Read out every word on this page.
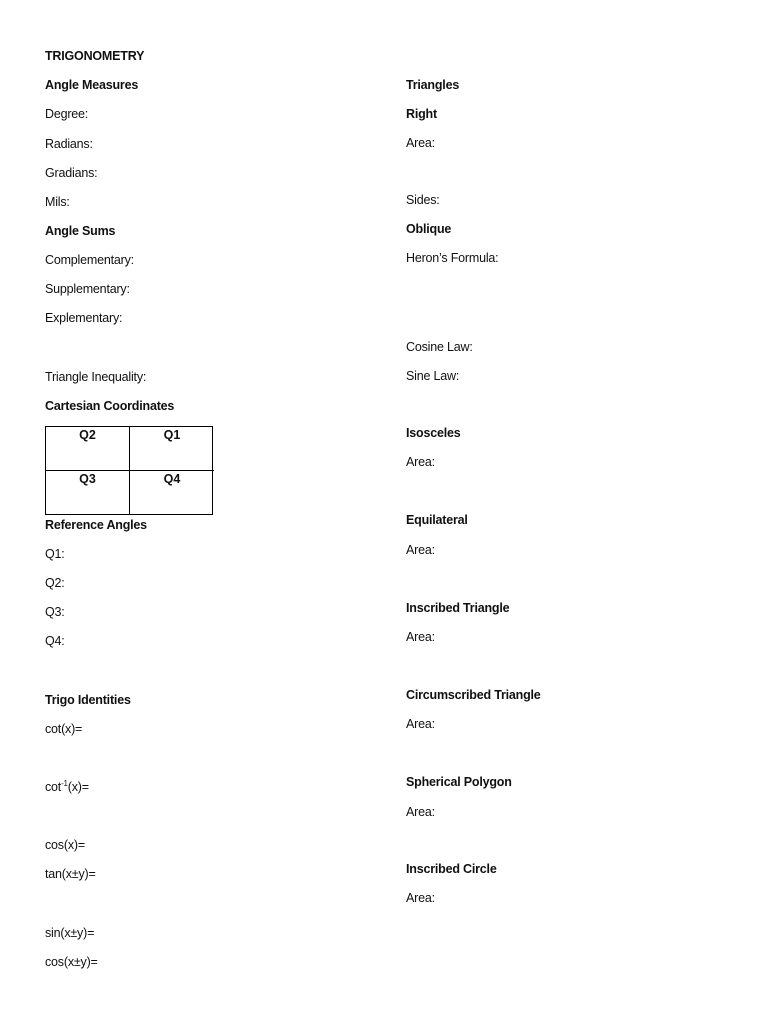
TRIGONOMETRY
Angle Measures
Degree:
Radians:
Gradians:
Mils:
Angle Sums
Complementary:
Supplementary:
Explementary:
Triangle Inequality:
Cartesian Coordinates
Q2	Q1
Q3	Q4
Reference Angles
Q1:
Q2:
Q3:
Q4:
Trigo Identities
cot(x)=
$\cot^{-1}(x)=$
cos(x)=
tan(x±y)=
sin(x±y)=
cos(x±y)=
Triangles
Right
Area:
Sides:
Oblique
Heron’s Formula:
Cosine Law:
Sine Law:
Isosceles
Area:
Equilateral
Area:
Inscribed Triangle
Area:
Circumscribed Triangle
Area:
Spherical Polygon
Area:
Inscribed Circle
Area:
